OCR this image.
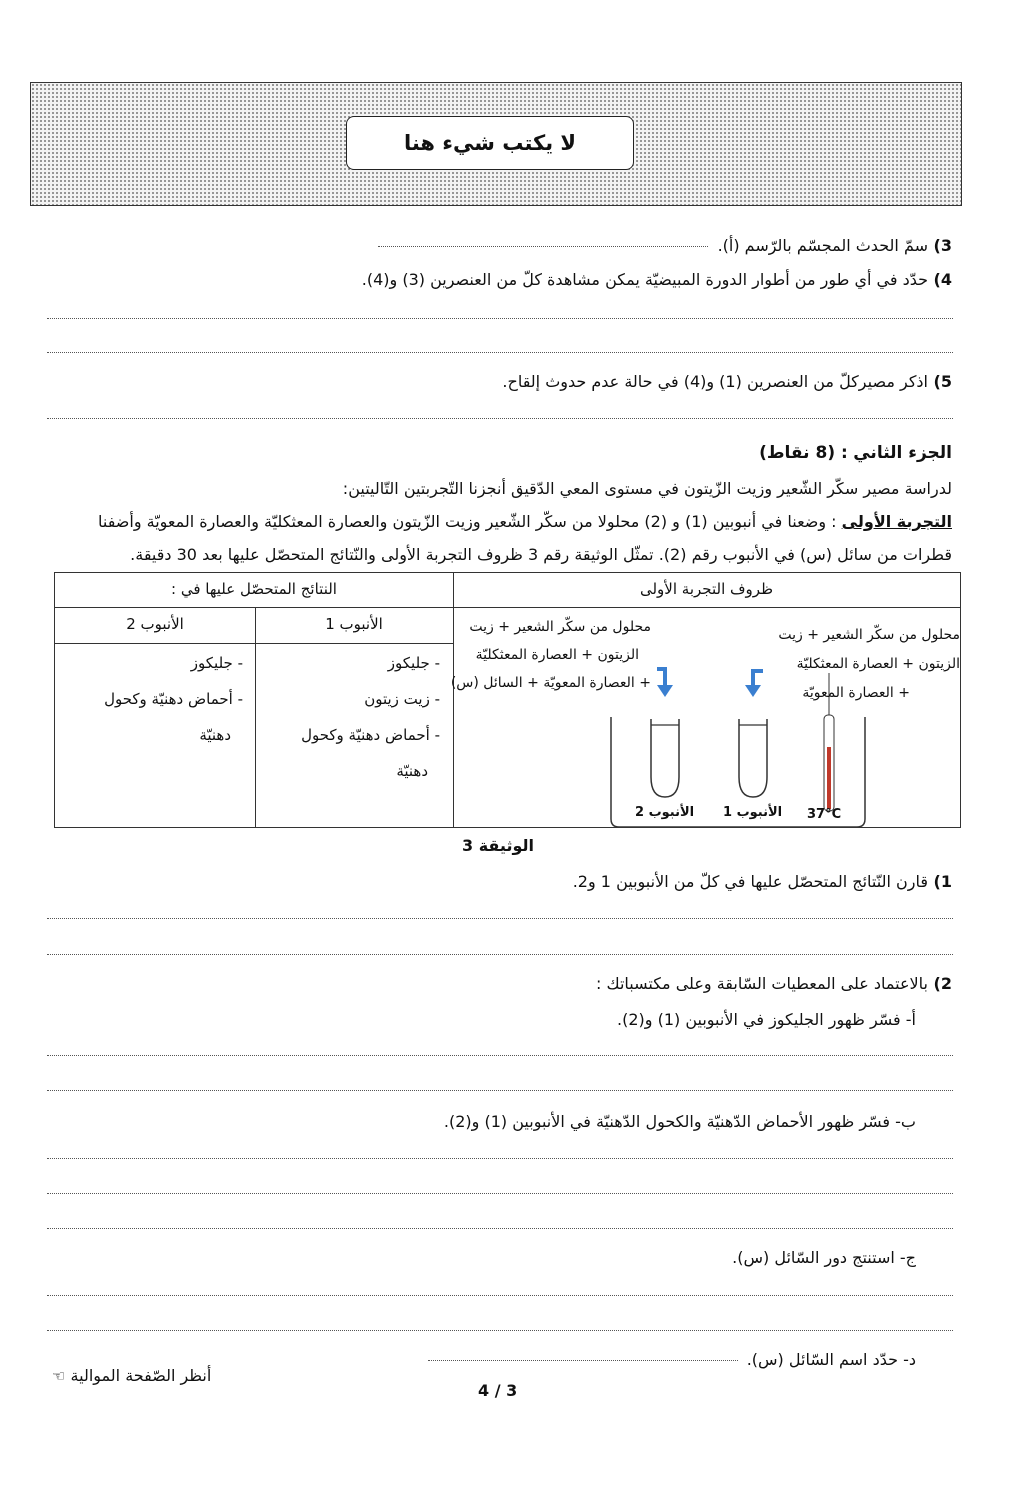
لا يكتب شيء هنا
3)
سمّ الحدث المجسّم بالرّسم (أ).
4)
حدّد في أي طور من أطوار الدورة المبيضيّة يمكن مشاهدة كلّ من العنصرين (3) و(4).
5)
اذكر مصيركلّ من العنصرين (1) و(4) في حالة عدم حدوث إلقاح.
الجزء الثاني : (8 نقاط)
لدراسة مصير سكّر الشّعير وزيت الزّيتون في مستوى المعي الدّقيق أنجزنا التّجربتين التّاليتين:
التجربة الأولى : وضعنا في أنبوبين (1) و (2) محلولا من سكّر الشّعير وزيت الزّيتون والعصارة المعثكليّة والعصارة المعويّة وأضفنا
قطرات من سائل (س) في الأنبوب رقم (2). تمثّل الوثيقة رقم 3 ظروف التجربة الأولى والنّتائج المتحصّل عليها بعد 30 دقيقة.
ظروف التجربة الأولى
النتائج المتحصّل عليها في :
الأنبوب 1
الأنبوب 2
- جليكوز
- زيت زيتون
- أحماض دهنيّة وكحول
دهنيّة
- جليكوز
- أحماض دهنيّة وكحول
دهنيّة
محلول من سكّر الشعير + زيت
الزيتون + العصارة المعثكليّة
+ العصارة المعويّة
محلول من سكّر الشعير + زيت
الزيتون + العصارة المعثكليّة
+ العصارة المعويّة + السائل (س)
الأنبوب 2 الأنبوب 1 37°C
الوثيقة 3
1)
قارن النّتائج المتحصّل عليها في كلّ من الأنبوبين 1 و2.
2)
بالاعتماد على المعطيات السّابقة وعلى مكتسباتك :
أ- فسّر ظهور الجليكوز في الأنبوبين (1) و(2).
ب- فسّر ظهور الأحماض الدّهنيّة والكحول الدّهنيّة في الأنبوبين (1) و(2).
ج- استنتج دور السّائل (س).
د- حدّد اسم السّائل (س).
أنظر الصّفحة الموالية ☜
4 / 3
